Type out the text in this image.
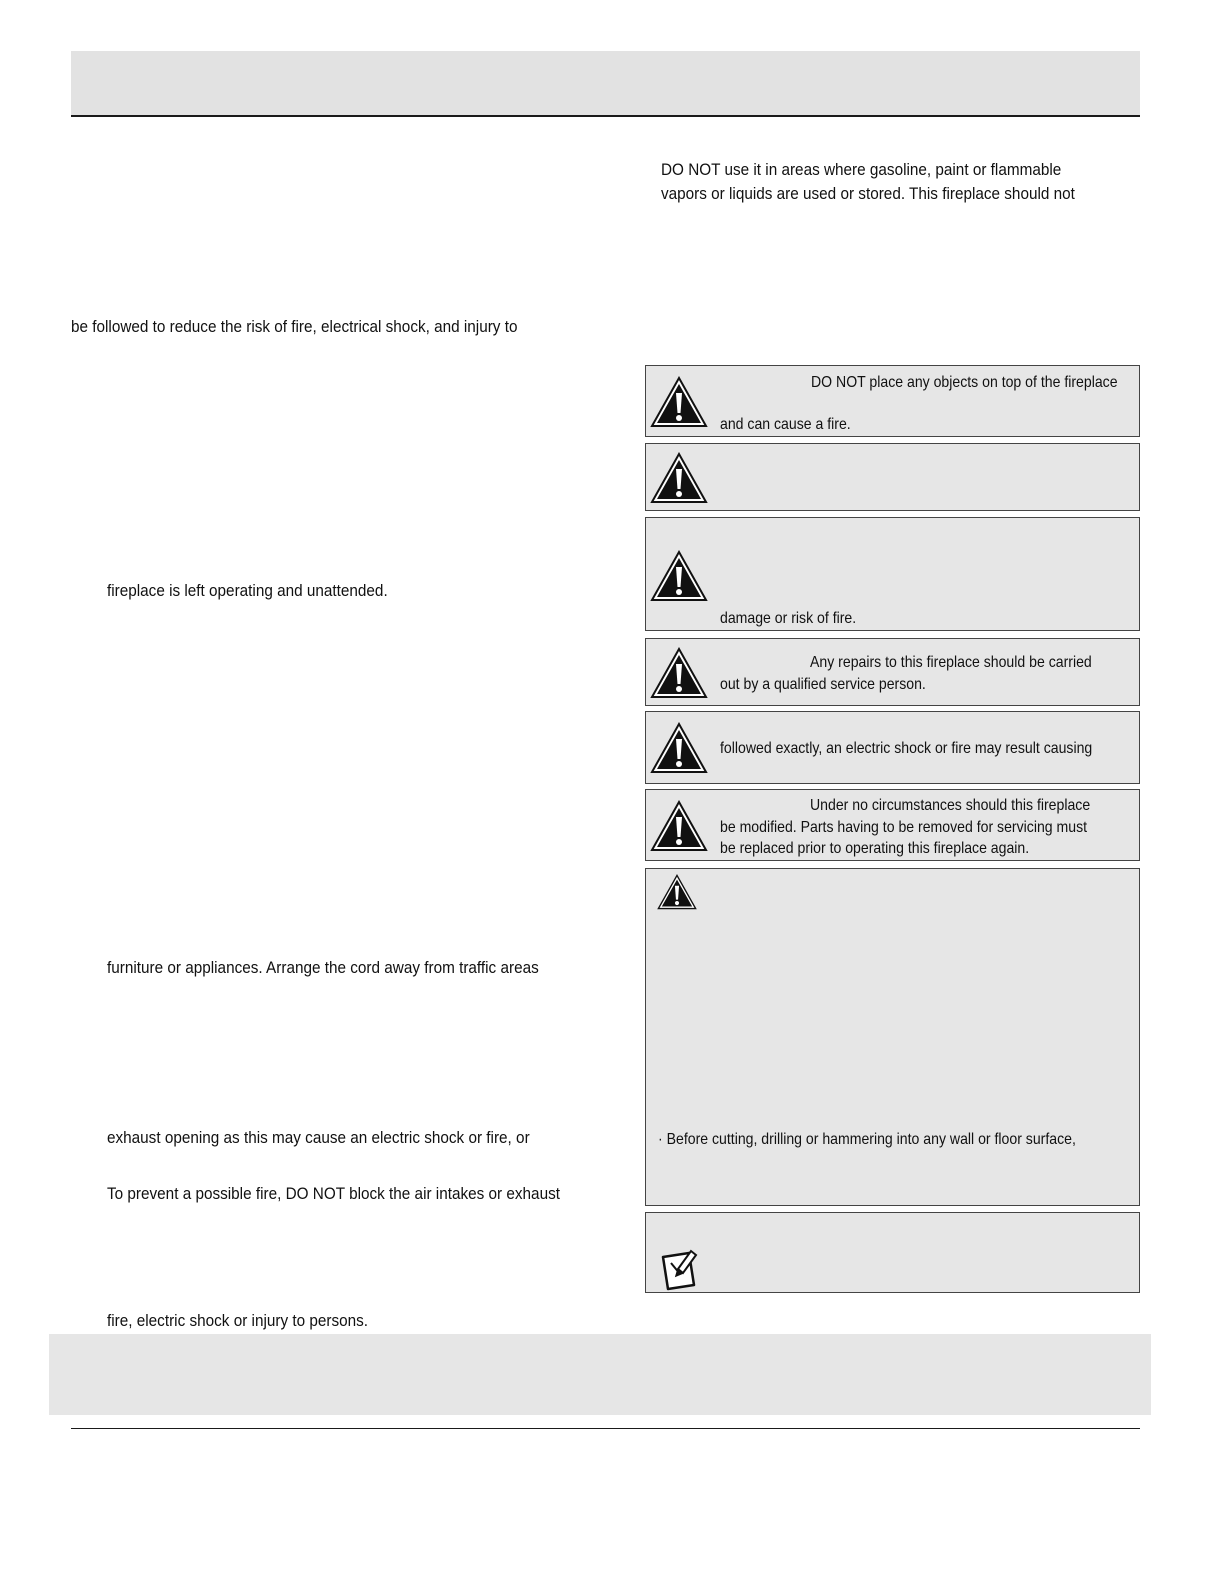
DO NOT use it in areas where gasoline, paint or flammable
vapors or liquids are used or stored. This fireplace should not
be followed to reduce the risk of fire, electrical shock, and injury to
fireplace is left operating and unattended.
furniture or appliances. Arrange the cord away from traffic areas
exhaust opening as this may cause an electric shock or fire, or
To prevent a possible fire, DO NOT block the air intakes or exhaust
fire, electric shock or injury to persons.
DO NOT place any objects on top of the fireplace
and can cause a fire.
damage or risk of fire.
Any repairs to this fireplace should be carried
out by a qualified service person.
followed exactly, an electric shock or fire may result causing
Under no circumstances should this fireplace
be modified. Parts having to be removed for servicing must
be replaced prior to operating this fireplace again.
· Before cutting, drilling or hammering into any wall or floor surface,
